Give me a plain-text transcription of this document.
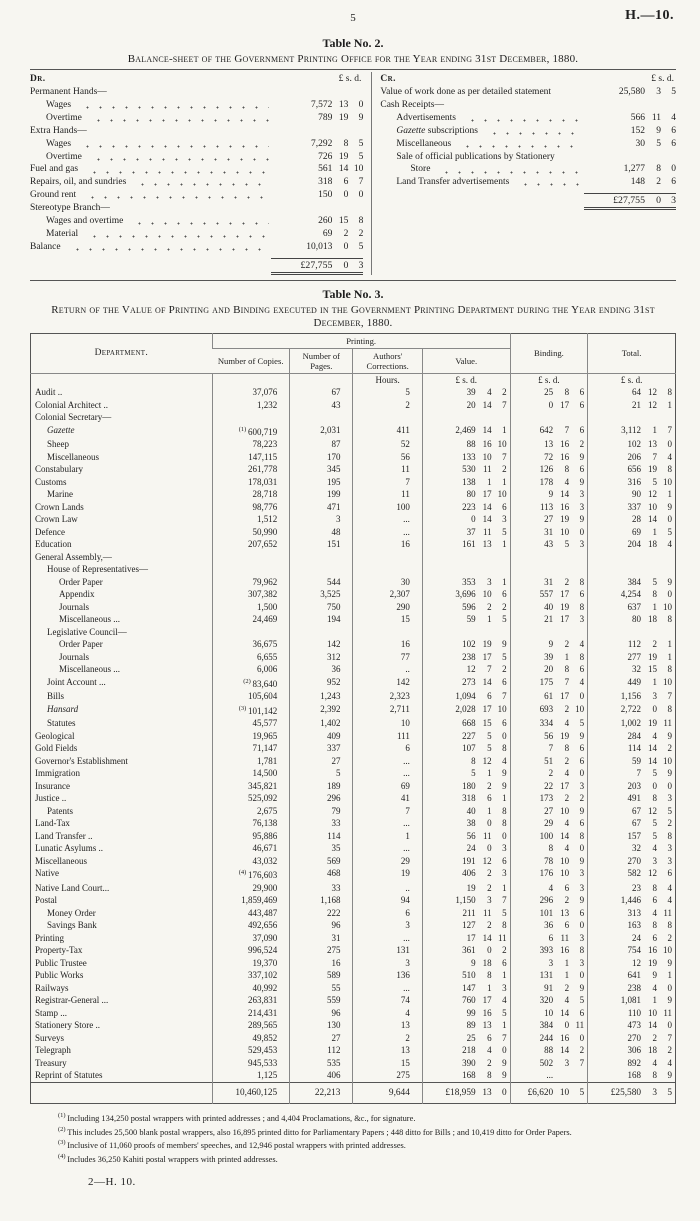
5	H.—10.
Table No. 2.
Balance-sheet of the Government Printing Office for the Year ending 31st December, 1880.
Dr.	£ s. d.
Permanent Hands—
Wages	7,572 13	0
Overtime	789 19	9
Extra Hands—
Wages	7,292	8	5
Overtime	726 19	5
Fuel and gas	561 14 10
Repairs, oil, and sundries	318	6	7
Ground rent	150	0	0
Stereotype Branch—
Wages and overtime	260 15	8
Material	69	2	2
Balance	10,013	0	5
£27,755	0	3
Cr.	£ s. d.
Value of work done as per detailed statement	25,580	3	5
Cash Receipts—
Advertisements	566 11	4
Gazette subscriptions	152	9	6
Miscellaneous	30	5	6
Sale of official publications by Stationery
Store	1,277	8	0
Land Transfer advertisements	148	2	6
£27,755	0	3
Table No. 3.
Return of the Value of Printing and Binding executed in the Government Printing Department during the Year ending 31st December, 1880.
Department.	Printing.				Binding.	Total.
	Number of Copies.	Number of Pages.	Authors' Corrections.	Value.		
			Hours.	£ s. d.	£ s. d.	£ s. d.
Audit ..	37,076	67	5	39 4 2	25 8 6	64 12 8

Colonial Architect ..	1,232	43	2	20 14 7	0 17 6	21 12 1

Colonial Secretary—						
Gazette	$^{(1)}$ 600,719	2,031	411	2,469 14 1	642 7 6	3,112 1 7

Sheep	78,223	87	52	88 16 10	13 16 2	102 13 0

Miscellaneous	147,115	170	56	133 10 7	72 16 9	206 7 4

Constabulary	261,778	345	11	530 11 2	126 8 6	656 19 8

Customs	178,031	195	7	138 1 1	178 4 9	316 5 10

Marine	28,718	199	11	80 17 10	9 14 3	90 12 1

Crown Lands	98,776	471	100	223 14 6	113 16 3	337 10 9

Crown Law	1,512	3	...	0 14 3	27 19 9	28 14 0

Defence	50,990	48	...	37 11 5	31 10 0	69 1 5

Education	207,652	151	16	161 13 1	43 5 3	204 18 4

General Assembly,—						
House of Representatives—						
Order Paper	79,962	544	30	353 3 1	31 2 8	384 5 9

Appendix	307,382	3,525	2,307	3,696 10 6	557 17 6	4,254 8 0

Journals	1,500	750	290	596 2 2	40 19 8	637 1 10

Miscellaneous ...	24,469	194	15	59 1 5	21 17 3	80 18 8

Legislative Council—						
Order Paper	36,675	142	16	102 19 9	9 2 4	112 2 1

Journals	6,655	312	77	238 17 5	39 1 8	277 19 1

Miscellaneous ...	6,006	36	..	12 7 2	20 8 6	32 15 8

Joint Account ...	$^{(2)}$ 83,640	952	142	273 14 6	175 7 4	449 1 10

Bills	105,604	1,243	2,323	1,094 6 7	61 17 0	1,156 3 7

Hansard	$^{(3)}$ 101,142	2,392	2,711	2,028 17 10	693 2 10	2,722 0 8

Statutes	45,577	1,402	10	668 15 6	334 4 5	1,002 19 11

Geological	19,965	409	111	227 5 0	56 19 9	284 4 9

Gold Fields	71,147	337	6	107 5 8	7 8 6	114 14 2

Governor's Establishment	1,781	27	...	8 12 4	51 2 6	59 14 10

Immigration	14,500	5	...	5 1 9	2 4 0	7 5 9

Insurance	345,821	189	69	180 2 9	22 17 3	203 0 0

Justice ..	525,092	296	41	318 6 1	173 2 2	491 8 3

Patents	2,675	79	7	40 1 8	27 10 9	67 12 5

Land-Tax	76,138	33	...	38 0 8	29 4 6	67 5 2

Land Transfer ..	95,886	114	1	56 11 0	100 14 8	157 5 8

Lunatic Asylums ..	46,671	35	...	24 0 3	8 4 0	32 4 3

Miscellaneous	43,032	569	29	191 12 6	78 10 9	270 3 3

Native	$^{(4)}$ 176,603	468	19	406 2 3	176 10 3	582 12 6

Native Land Court...	29,900	33	..	19 2 1	4 6 3	23 8 4

Postal	1,859,469	1,168	94	1,150 3 7	296 2 9	1,446 6 4

Money Order	443,487	222	6	211 11 5	101 13 6	313 4 11

Savings Bank	492,656	96	3	127 2 8	36 6 0	163 8 8

Printing	37,090	31	...	17 14 11	6 11 3	24 6 2

Property-Tax	996,524	275	131	361 0 2	393 16 8	754 16 10

Public Trustee	19,370	16	3	9 18 6	3 1 3	12 19 9

Public Works	337,102	589	136	510 8 1	131 1 0	641 9 1

Railways	40,992	55	...	147 1 3	91 2 9	238 4 0

Registrar-General ...	263,831	559	74	760 17 4	320 4 5	1,081 1 9

Stamp ...	214,431	96	4	99 16 5	10 14 6	110 10 11

Stationery Store ..	289,565	130	13	89 13 1	384 0 11	473 14 0

Surveys	49,852	27	2	25 6 7	244 16 0	270 2 7

Telegraph	529,453	112	13	218 4 0	88 14 2	306 18 2

Treasury	945,533	535	15	390 2 9	502 3 7	892 4 4

Reprint of Statutes	1,125	406	275	168 8 9	...	168 8 9

	10,460,125	22,213	9,644	£18,959 13 0	£6,620 10 5	£25,580 3 5
$^{(1)}$ Including 134,250 postal wrappers with printed addresses ; and 4,404 Proclamations, &c., for signature.
$^{(2)}$ This includes 25,500 blank postal wrappers, also 16,895 printed ditto for Parliamentary Papers ; 448 ditto for Bills ; and 10,419 ditto for Order Papers.
$^{(3)}$ Inclusive of 11,060 proofs of members' speeches, and 12,946 postal wrappers with printed addresses.
$^{(4)}$ Includes 36,250 Kahiti postal wrappers with printed addresses.
2—H. 10.
